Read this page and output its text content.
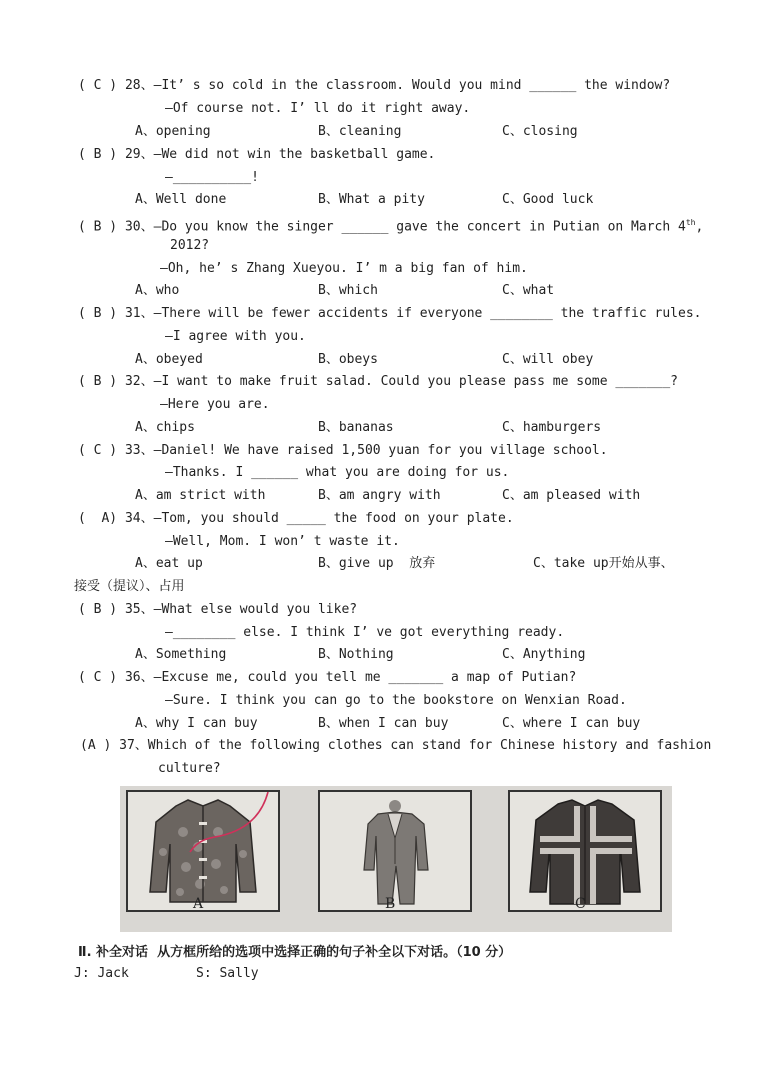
( C ) 28、—It’ s so cold in the classroom. Would you mind ______ the window?
—Of course not. I’ ll do it right away.
A、opening	B、cleaning	C、closing
( B ) 29、—We did not win the basketball game.
—__________!
A、Well done	B、What a pity	C、Good luck
( B ) 30、—Do you know the singer ______ gave the concert in Putian on March 4th,
2012?
—Oh, he’ s Zhang Xueyou. I’ m a big fan of him.
A、who	B、which	C、what
( B ) 31、—There will be fewer accidents if everyone ________ the traffic rules.
—I agree with you.
A、obeyed	B、obeys	C、will obey
( B ) 32、—I want to make fruit salad. Could you please pass me some _______?
—Here you are.
A、chips	B、bananas	C、hamburgers
( C ) 33、—Daniel! We have raised 1,500 yuan for you village school.
—Thanks. I ______ what you are doing for us.
A、am strict with	B、am angry with	C、am pleased with
(  A) 34、—Tom, you should _____ the food on your plate.
—Well, Mom. I won’ t waste it.
A、eat up	B、give up  放弃	C、take up开始从事、
接受（提议）、占用
( B ) 35、—What else would you like?
—________ else. I think I’ ve got everything ready.
A、Something	B、Nothing	C、Anything
( C ) 36、—Excuse me, could you tell me _______ a map of Putian?
—Sure. I think you can go to the bookstore on Wenxian Road.
A、why I can buy	B、when I can buy	C、where I can buy
(A ) 37、Which of the following clothes can stand for Chinese history and fashion
culture?
A	B	C
Ⅱ. 补全对话  从方框所给的选项中选择正确的句子补全以下对话。（10 分）
J: Jack	S: Sally
